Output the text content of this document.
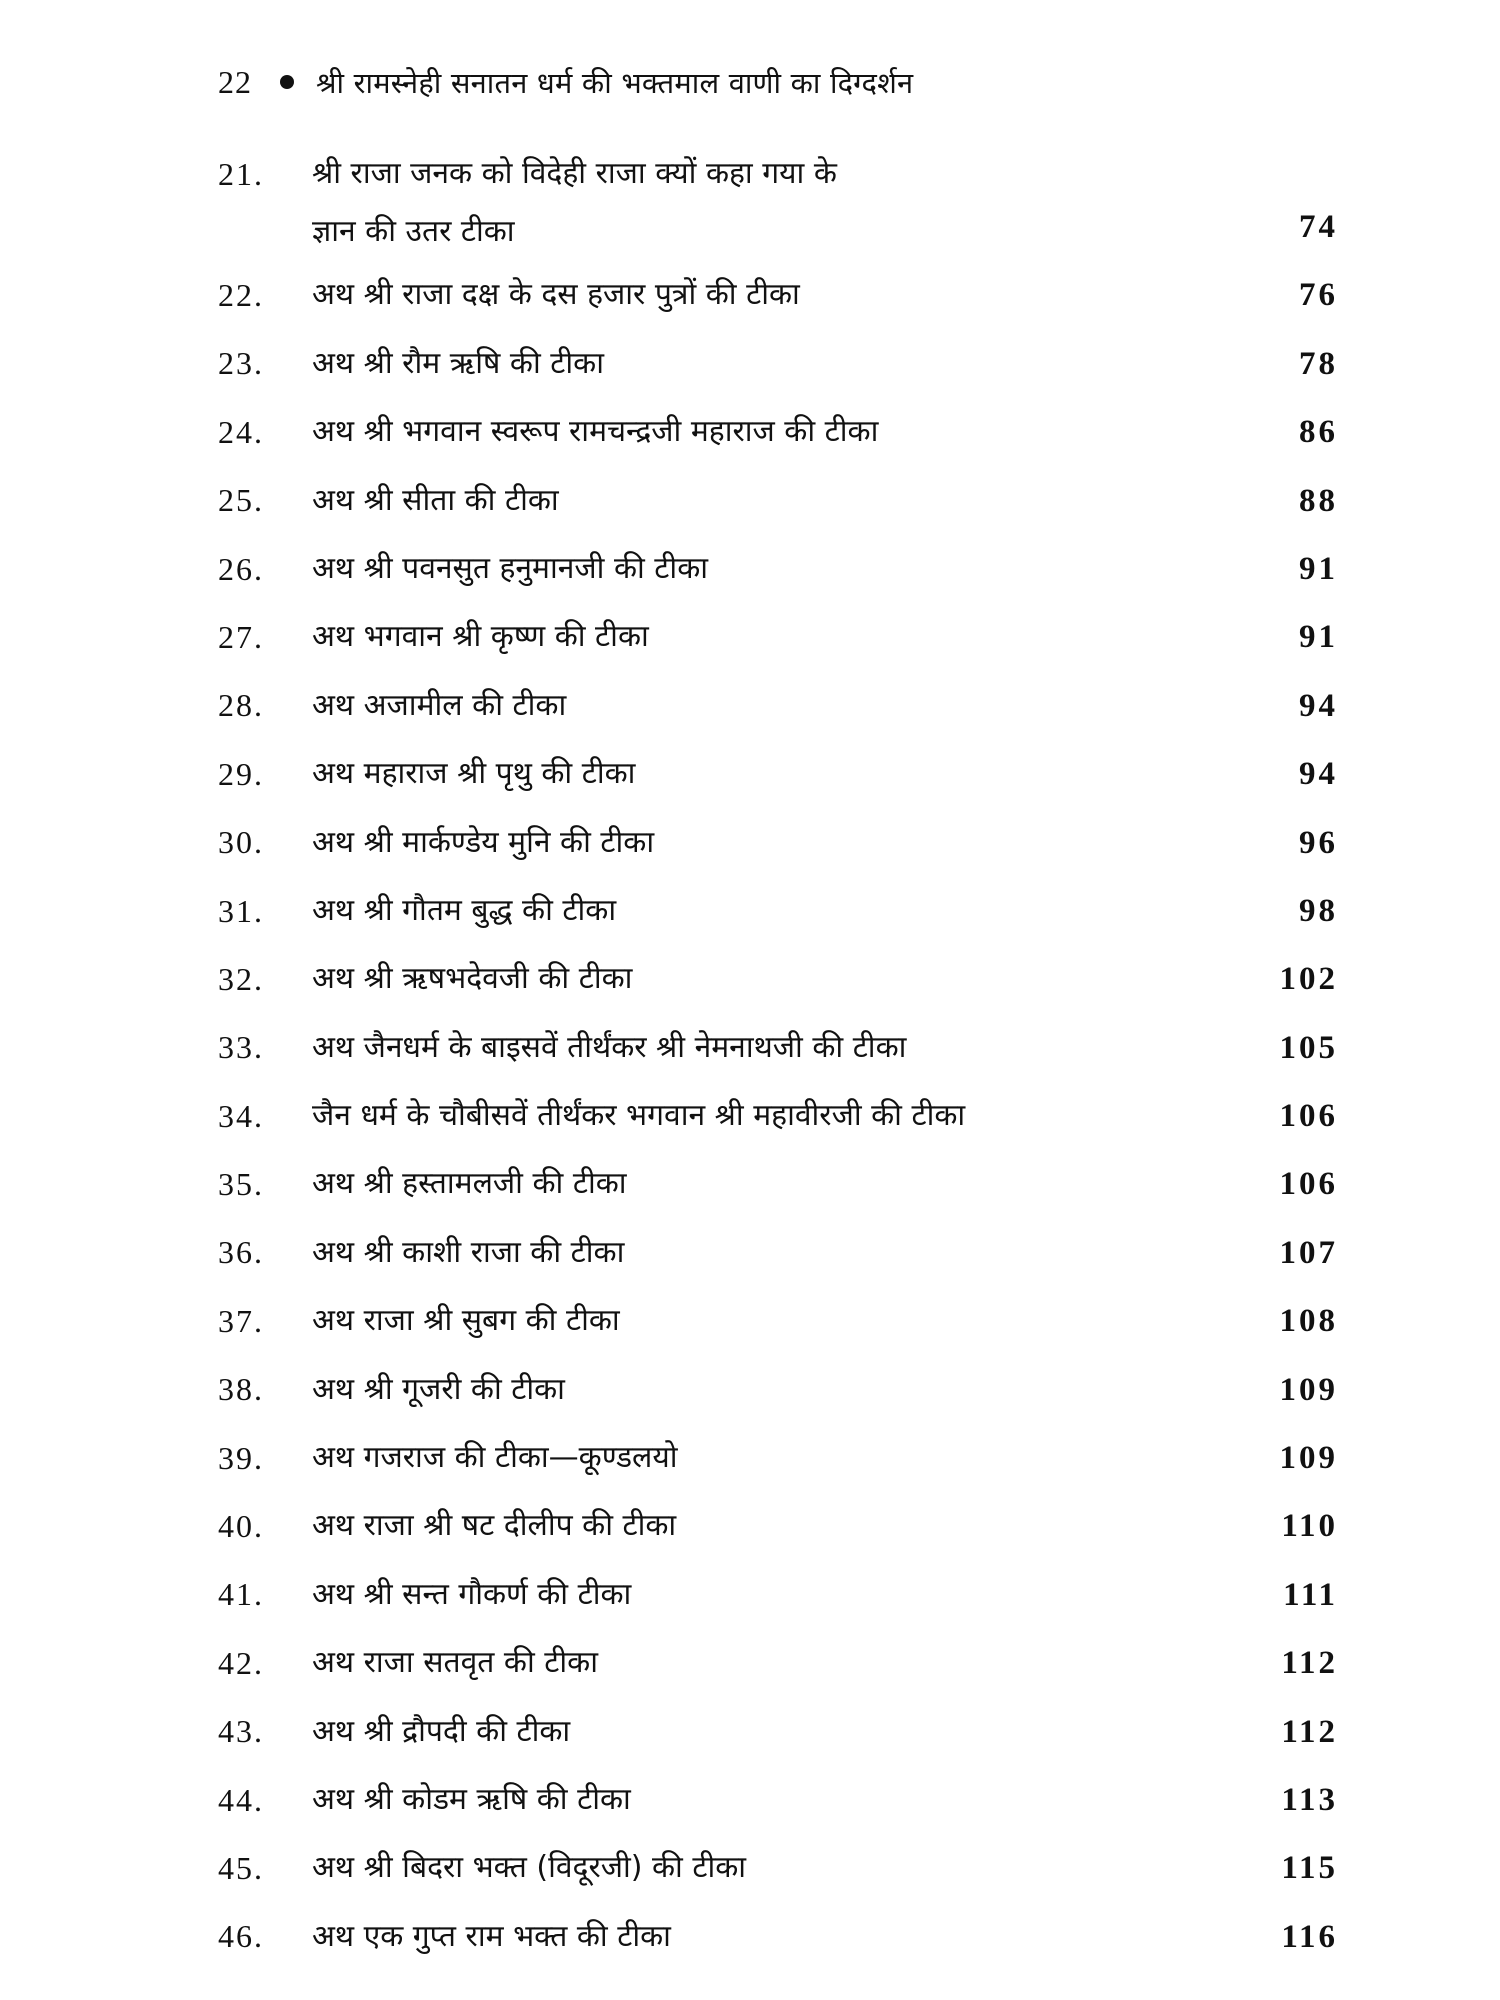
22 श्री रामस्नेही सनातन धर्म की भक्तमाल वाणी का दिग्दर्शन
21.	श्री राजा जनक को विदेही राजा क्यों कहा गया के
ज्ञान की उतर टीका	74
22.	अथ श्री राजा दक्ष के दस हजार पुत्रों की टीका	76
23.	अथ श्री रौम ऋषि की टीका	78
24.	अथ श्री भगवान स्वरूप रामचन्द्रजी महाराज की टीका	86
25.	अथ श्री सीता की टीका	88
26.	अथ श्री पवनसुत हनुमानजी की टीका	91
27.	अथ भगवान श्री कृष्ण की टीका	91
28.	अथ अजामील की टीका	94
29.	अथ महाराज श्री पृथु की टीका	94
30.	अथ श्री मार्कण्डेय मुनि की टीका	96
31.	अथ श्री गौतम बुद्ध की टीका	98
32.	अथ श्री ऋषभदेवजी की टीका	102
33.	अथ जैनधर्म के बाइसवें तीर्थंकर श्री नेमनाथजी की टीका	105
34.	जैन धर्म के चौबीसवें तीर्थंकर भगवान श्री महावीरजी की टीका	106
35.	अथ श्री हस्तामलजी की टीका	106
36.	अथ श्री काशी राजा की टीका	107
37.	अथ राजा श्री सुबग की टीका	108
38.	अथ श्री गूजरी की टीका	109
39.	अथ गजराज की टीका—कूण्डलयो	109
40.	अथ राजा श्री षट दीलीप की टीका	110
41.	अथ श्री सन्त गौकर्ण की टीका	111
42.	अथ राजा सतवृत की टीका	112
43.	अथ श्री द्रौपदी की टीका	112
44.	अथ श्री कोडम ऋषि की टीका	113
45.	अथ श्री बिदरा भक्त (विदूरजी) की टीका	115
46.	अथ एक गुप्त राम भक्त की टीका	116
